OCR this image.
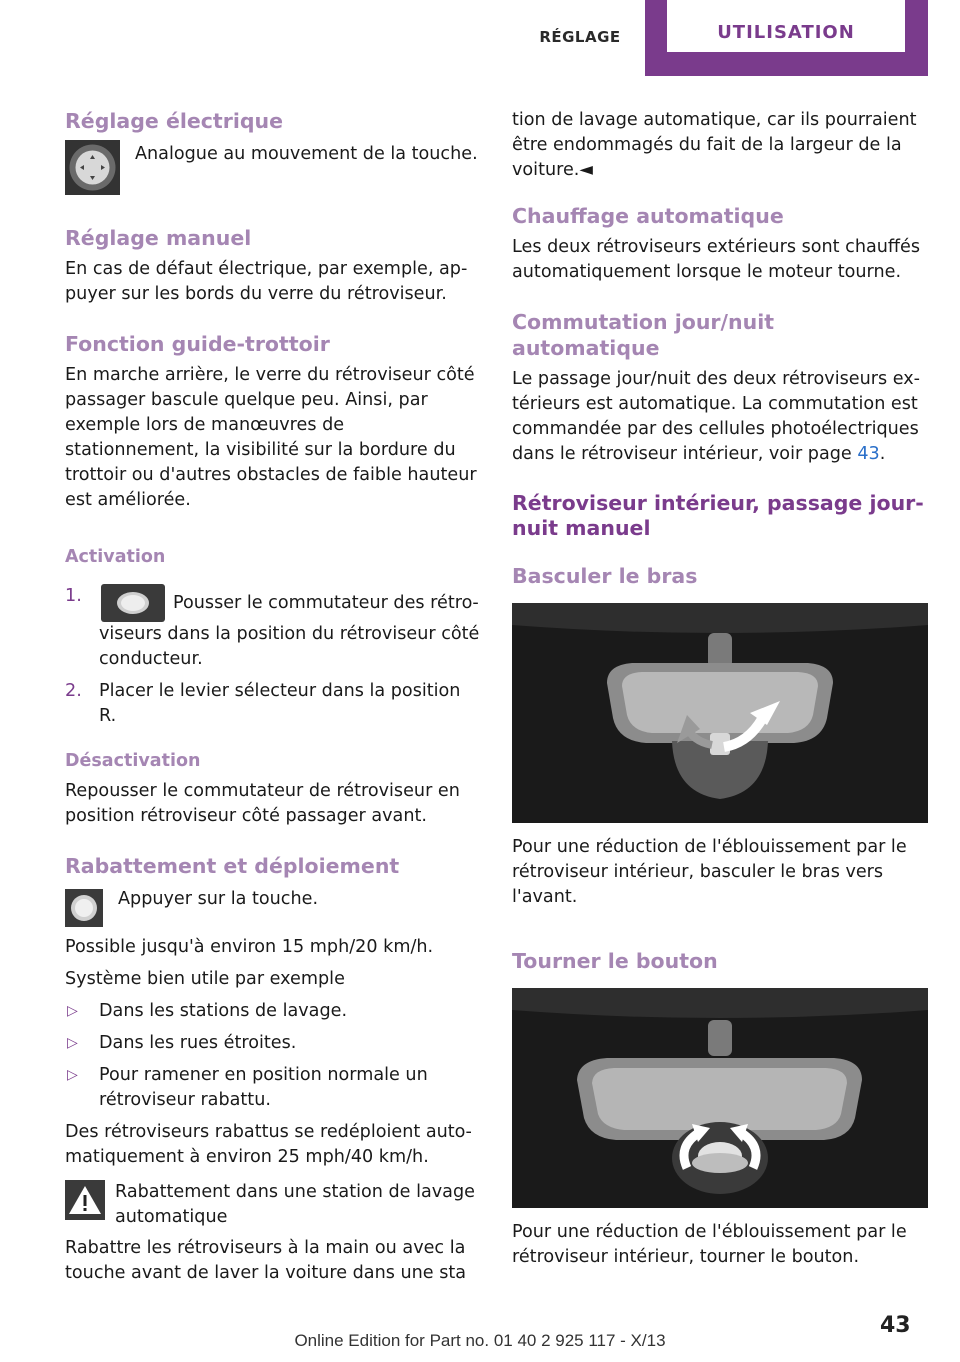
RÉGLAGE	UTILISATION
Réglage électrique

Analogue au mouvement de la touche.

Réglage manuel

En cas de défaut électrique, par exemple, appuyer sur les bords du verre du rétroviseur.

Fonction guide-trottoir

En marche arrière, le verre du rétroviseur côté passager bascule quelque peu. Ainsi, par exemple lors de manœuvres de stationnement, la visibilité sur la bordure du trottoir ou d'autres obstacles de faible hauteur est améliorée.

Activation
1.	Pousser le commutateur des rétroviseurs dans la position du rétroviseur côté conducteur.
2. Placer le levier sélecteur dans la position R.
Désactivation

Repousser le commutateur de rétroviseur en position rétroviseur côté passager avant.

Rabattement et déploiement

Appuyer sur la touche.

Possible jusqu'à environ 15 mph/20 km/h.

Système bien utile par exemple

▷ Dans les stations de lavage.
▷ Dans les rues étroites.
▷ Pour ramener en position normale un rétroviseur rabattu.

Des rétroviseurs rabattus se redéploient automatiquement à environ 25 mph/40 km/h.

Rabattement dans une station de lavage automatique

Rabattre les rétroviseurs à la main ou avec la touche avant de laver la voiture dans une sta

tion de lavage automatique, car ils pourraient être endommagés du fait de la largeur de la voiture.◄

Chauffage automatique

Les deux rétroviseurs extérieurs sont chauffés automatiquement lorsque le moteur tourne.

Commutation jour/nuit automatique

Le passage jour/nuit des deux rétroviseurs extérieurs est automatique. La commutation est commandée par des cellules photoélectriques dans le rétroviseur intérieur, voir page 43.

Rétroviseur intérieur, passage jour-nuit manuel
Basculer le bras

Pour une réduction de l'éblouissement par le rétroviseur intérieur, basculer le bras vers l'avant.

Tourner le bouton

Pour une réduction de l'éblouissement par le rétroviseur intérieur, tourner le bouton.

43
Online Edition for Part no. 01 40 2 925 117 - X/13
